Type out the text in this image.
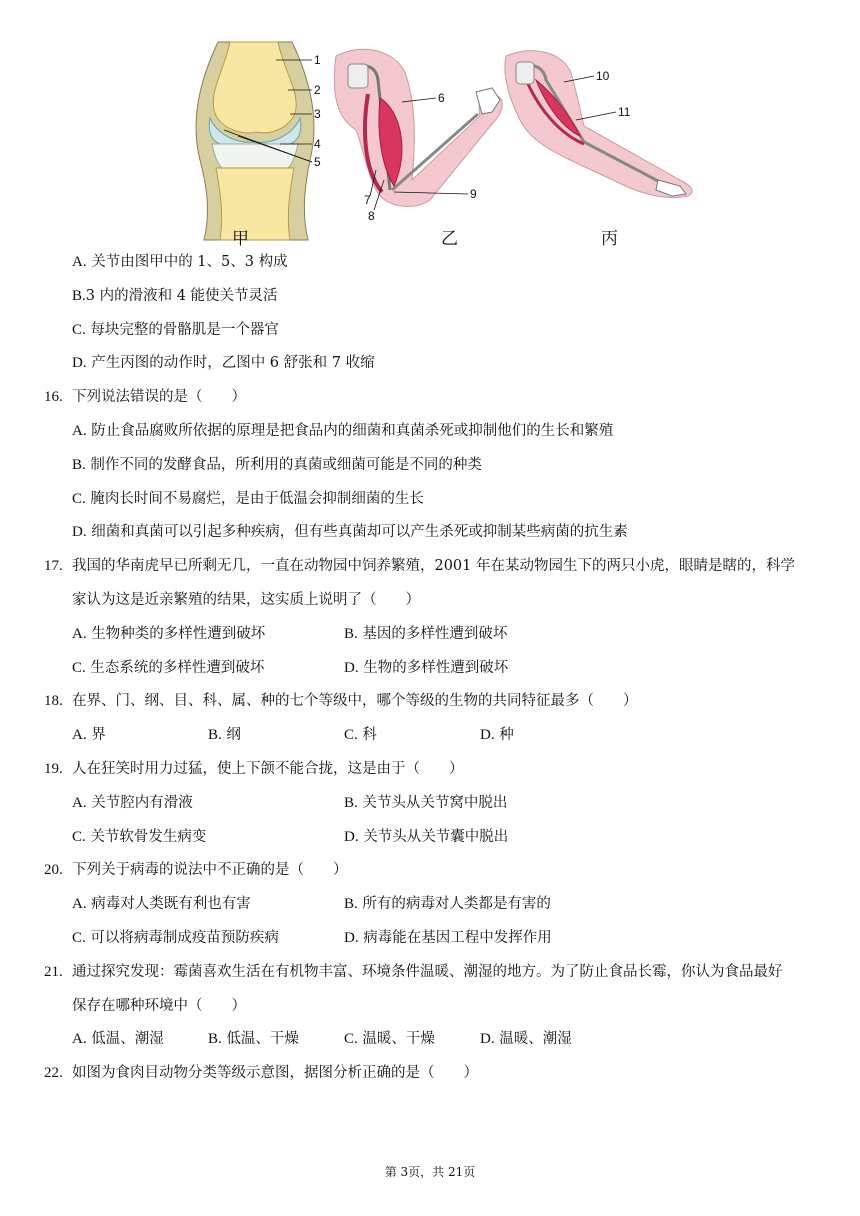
1
2
3
4
5
6
7
8
9
10
11
甲	乙	丙
A. 关节由图甲中的 1、5、3 构成
B.3 内的滑液和 4 能使关节灵活
C. 每块完整的骨骼肌是一个器官
D. 产生丙图的动作时，乙图中 6 舒张和 7 收缩
16. 下列说法错误的是（　　）
A. 防止食品腐败所依据的原理是把食品内的细菌和真菌杀死或抑制他们的生长和繁殖
B. 制作不同的发酵食品，所利用的真菌或细菌可能是不同的种类
C. 腌肉长时间不易腐烂，是由于低温会抑制细菌的生长
D. 细菌和真菌可以引起多种疾病，但有些真菌却可以产生杀死或抑制某些病菌的抗生素
17. 我国的华南虎早已所剩无几，一直在动物园中饲养繁殖，2001 年在某动物园生下的两只小虎，眼睛是瞎的，科学
家认为这是近亲繁殖的结果，这实质上说明了（　　）
A. 生物种类的多样性遭到破坏	B. 基因的多样性遭到破坏
C. 生态系统的多样性遭到破坏	D. 生物的多样性遭到破坏
18. 在界、门、纲、目、科、属、种的七个等级中，哪个等级的生物的共同特征最多（　　）
A. 界	B. 纲	C. 科	D. 种
19. 人在狂笑时用力过猛，使上下颌不能合拢，这是由于（　　）
A. 关节腔内有滑液	B. 关节头从关节窝中脱出
C. 关节软骨发生病变	D. 关节头从关节囊中脱出
20. 下列关于病毒的说法中不正确的是（　　）
A. 病毒对人类既有利也有害	B. 所有的病毒对人类都是有害的
C. 可以将病毒制成疫苗预防疾病	D. 病毒能在基因工程中发挥作用
21. 通过探究发现：霉菌喜欢生活在有机物丰富、环境条件温暖、潮湿的地方。为了防止食品长霉，你认为食品最好
保存在哪种环境中（　　）
A. 低温、潮湿	B. 低温、干燥	C. 温暖、干燥	D. 温暖、潮湿
22. 如图为食肉目动物分类等级示意图，据图分析正确的是（　　）
第 3页，共 21页
